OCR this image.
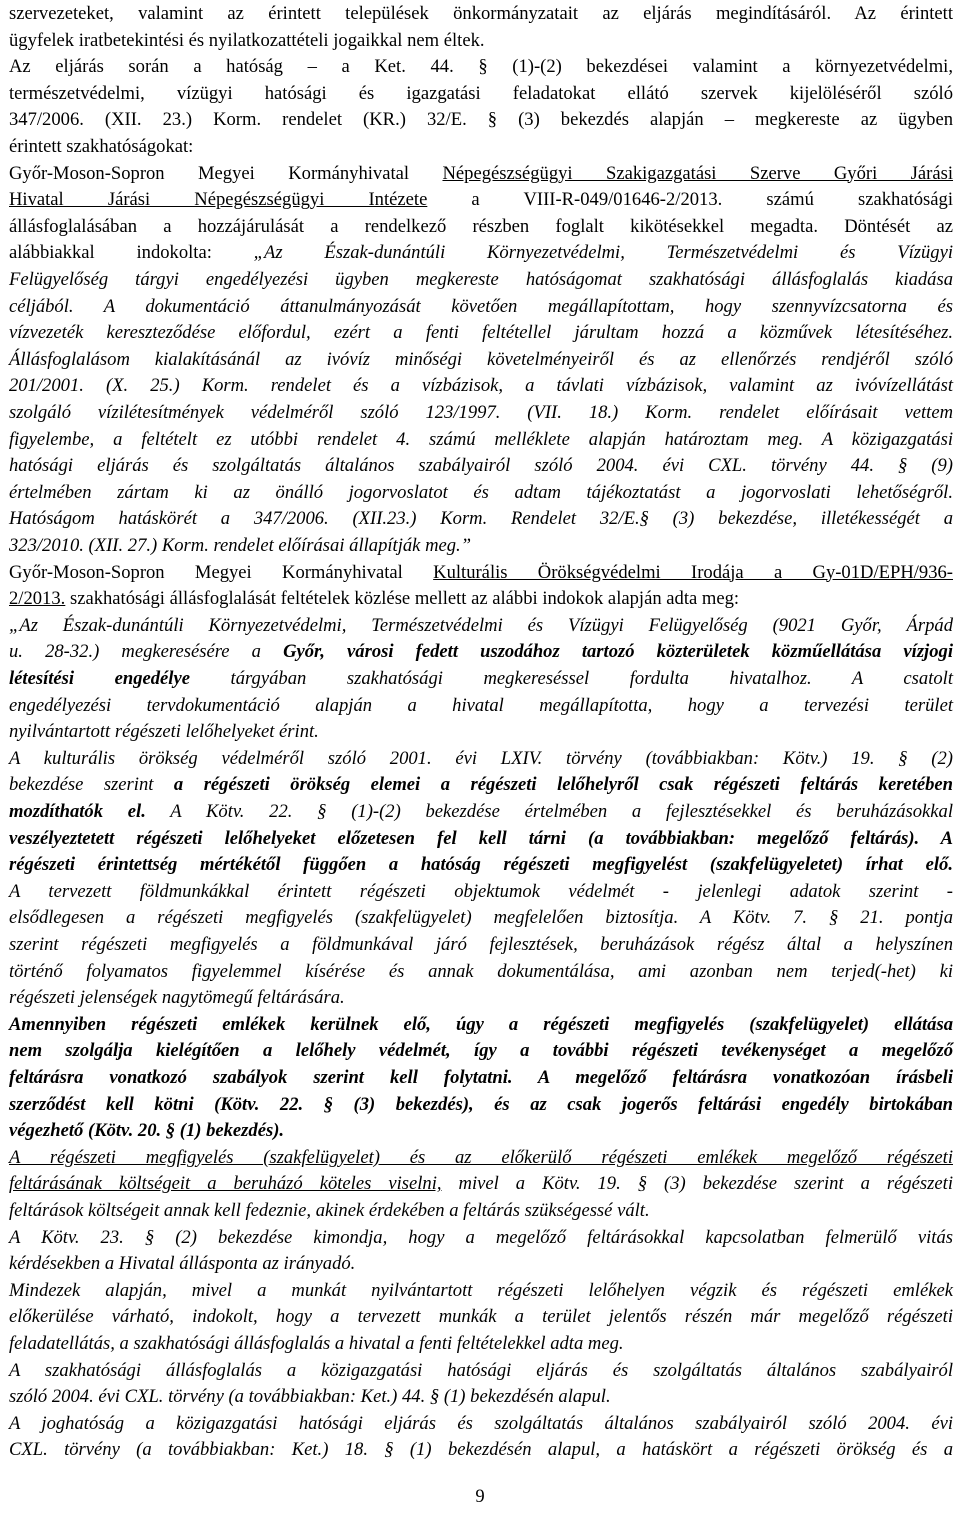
szervezeteket, valamint az érintett települések önkormányzatait az eljárás megindításáról. Az érintett
ügyfelek iratbetekintési és nyilatkozattételi jogaikkal nem éltek.
Az eljárás során a hatóság – a Ket. 44. § (1)-(2) bekezdései valamint a környezetvédelmi,
természetvédelmi, vízügyi hatósági és igazgatási feladatokat ellátó szervek kijelöléséről szóló
347/2006. (XII. 23.) Korm. rendelet (KR.) 32/E. § (3) bekezdés alapján – megkereste az ügyben
érintett szakhatóságokat:
Győr-Moson-Sopron Megyei Kormányhivatal Népegészségügyi Szakigazgatási Szerve Győri Járási
Hivatal Járási Népegészségügyi Intézete a VIII-R-049/01646-2/2013. számú szakhatósági
állásfoglalásában a hozzájárulását a rendelkező részben foglalt kikötésekkel megadta. Döntését az
alábbiakkal indokolta: „Az Észak-dunántúli Környezetvédelmi, Természetvédelmi és Vízügyi
Felügyelőség tárgyi engedélyezési ügyben megkereste hatóságomat szakhatósági állásfoglalás kiadása
céljából. A dokumentáció áttanulmányozását követően megállapítottam, hogy szennyvízcsatorna és
vízvezeték kereszteződése előfordul, ezért a fenti feltétellel járultam hozzá a közművek létesítéséhez.
Állásfoglalásom kialakításánál az ivóvíz minőségi követelményeiről és az ellenőrzés rendjéről szóló
201/2001. (X. 25.) Korm. rendelet és a vízbázisok, a távlati vízbázisok, valamint az ivóvízellátást
szolgáló vízilétesítmények védelméről szóló 123/1997. (VII. 18.) Korm. rendelet előírásait vettem
figyelembe, a feltételt ez utóbbi rendelet 4. számú melléklete alapján határoztam meg. A közigazgatási
hatósági eljárás és szolgáltatás általános szabályairól szóló 2004. évi CXL. törvény 44. § (9)
értelmében zártam ki az önálló jogorvoslatot és adtam tájékoztatást a jogorvoslati lehetőségről.
Hatóságom hatáskörét a 347/2006. (XII.23.) Korm. Rendelet 32/E.§ (3) bekezdése, illetékességét a
323/2010. (XII. 27.) Korm. rendelet előírásai állapítják meg.”
Győr-Moson-Sopron Megyei Kormányhivatal Kulturális Örökségvédelmi Irodája a Gy-01D/EPH/936-
2/2013. szakhatósági állásfoglalását feltételek közlése mellett az alábbi indokok alapján adta meg:
„Az Észak-dunántúli Környezetvédelmi, Természetvédelmi és Vízügyi Felügyelőség (9021 Győr, Árpád
u. 28-32.) megkeresésére a Győr, városi fedett uszodához tartozó közterületek közműellátása vízjogi
létesítési engedélye tárgyában szakhatósági megkereséssel fordulta hivatalhoz. A csatolt
engedélyezési tervdokumentáció alapján a hivatal megállapította, hogy a tervezési terület
nyilvántartott régészeti lelőhelyeket érint.
A kulturális örökség védelméről szóló 2001. évi LXIV. törvény (továbbiakban: Kötv.) 19. § (2)
bekezdése szerint a régészeti örökség elemei a régészeti lelőhelyről csak régészeti feltárás keretében
mozdíthatók el. A Kötv. 22. § (1)-(2) bekezdése értelmében a fejlesztésekkel és beruházásokkal
veszélyeztetett régészeti lelőhelyeket előzetesen fel kell tárni (a továbbiakban: megelőző feltárás). A
régészeti érintettség mértékétől függően a hatóság régészeti megfigyelést (szakfelügyeletet) írhat elő.
A tervezett földmunkákkal érintett régészeti objektumok védelmét - jelenlegi adatok szerint -
elsődlegesen a régészeti megfigyelés (szakfelügyelet) megfelelően biztosítja. A Kötv. 7. § 21. pontja
szerint régészeti megfigyelés a földmunkával járó fejlesztések, beruházások régész által a helyszínen
történő folyamatos figyelemmel kísérése és annak dokumentálása, ami azonban nem terjed(-het) ki
régészeti jelenségek nagytömegű feltárására.
Amennyiben régészeti emlékek kerülnek elő, úgy a régészeti megfigyelés (szakfelügyelet) ellátása
nem szolgálja kielégítően a lelőhely védelmét, így a további régészeti tevékenységet a megelőző
feltárásra vonatkozó szabályok szerint kell folytatni. A megelőző feltárásra vonatkozóan írásbeli
szerződést kell kötni (Kötv. 22. § (3) bekezdés), és az csak jogerős feltárási engedély birtokában
végezhető (Kötv. 20. § (1) bekezdés).
A régészeti megfigyelés (szakfelügyelet) és az előkerülő régészeti emlékek megelőző régészeti
feltárásának költségeit a beruházó köteles viselni, mivel a Kötv. 19. § (3) bekezdése szerint a régészeti
feltárások költségeit annak kell fedeznie, akinek érdekében a feltárás szükségessé vált.
A Kötv. 23. § (2) bekezdése kimondja, hogy a megelőző feltárásokkal kapcsolatban felmerülő vitás
kérdésekben a Hivatal állásponta az irányadó.
Mindezek alapján, mivel a munkát nyilvántartott régészeti lelőhelyen végzik és régészeti emlékek
előkerülése várható, indokolt, hogy a tervezett munkák a terület jelentős részén már megelőző régészeti
feladatellátás, a szakhatósági állásfoglalás a hivatal a fenti feltételekkel adta meg.
A szakhatósági állásfoglalás a közigazgatási hatósági eljárás és szolgáltatás általános szabályairól
szóló 2004. évi CXL. törvény (a továbbiakban: Ket.) 44. § (1) bekezdésén alapul.
A joghatóság a közigazgatási hatósági eljárás és szolgáltatás általános szabályairól szóló 2004. évi
CXL. törvény (a továbbiakban: Ket.) 18. § (1) bekezdésén alapul, a hatáskört a régészeti örökség és a
9
